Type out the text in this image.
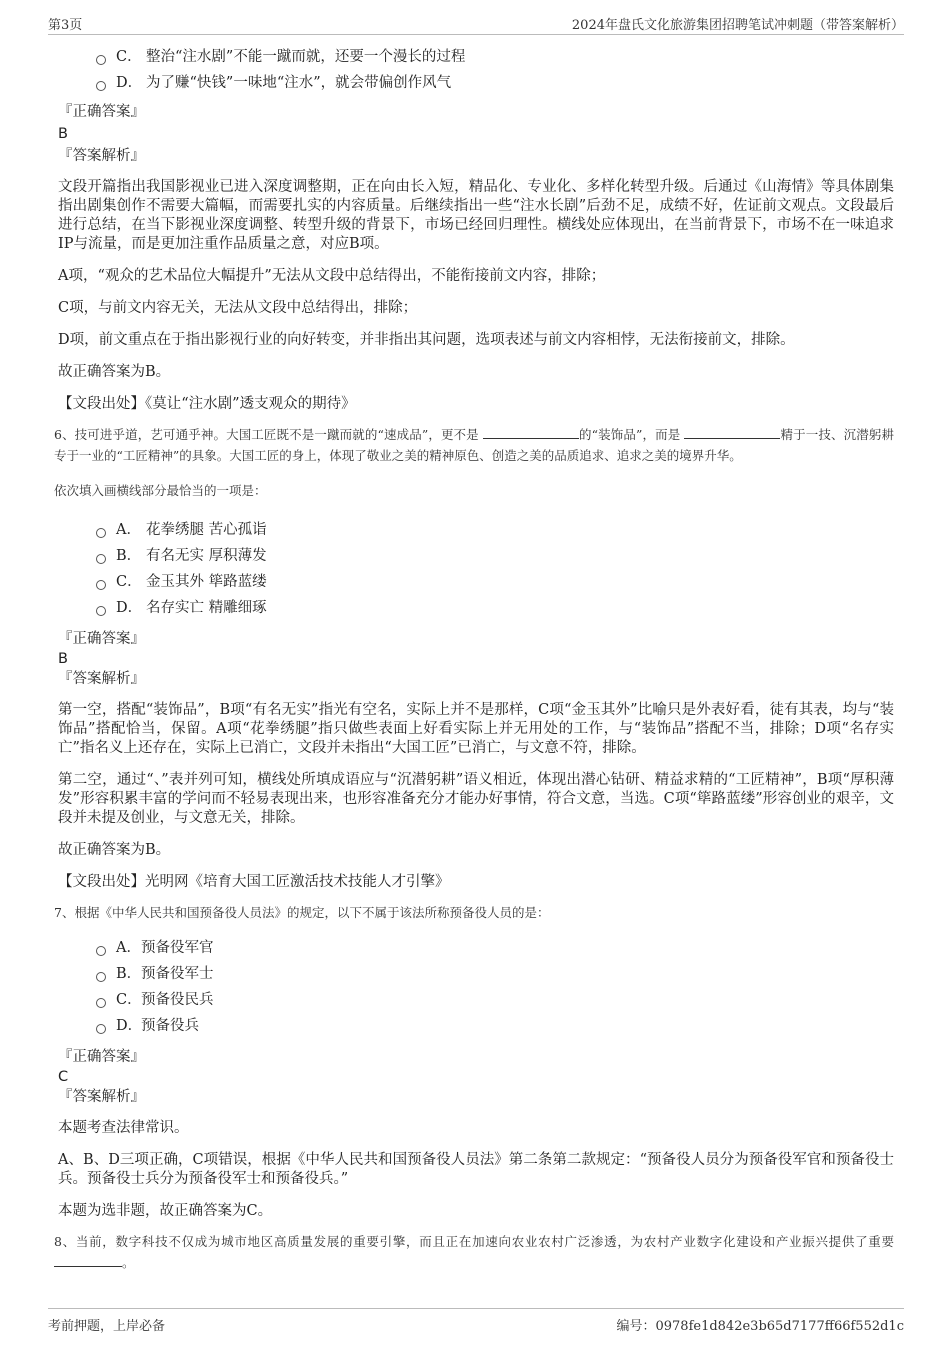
第3页	2024年盘氏文化旅游集团招聘笔试冲刺题（带答案解析）
C． 整治“注水剧”不能一蹴而就，还要一个漫长的过程
D． 为了赚“快钱”一味地“注水”，就会带偏创作风气
『正确答案』
B
『答案解析』
文段开篇指出我国影视业已进入深度调整期，正在向由长入短，精品化、专业化、多样化转型升级。后通过《山海情》等具体剧集指出剧集创作不需要大篇幅，而需要扎实的内容质量。后继续指出一些“注水长剧”后劲不足，成绩不好，佐证前文观点。文段最后进行总结，在当下影视业深度调整、转型升级的背景下，市场已经回归理性。横线处应体现出，在当前背景下，市场不在一味追求IP与流量，而是更加注重作品质量之意，对应B项。
A项，“观众的艺术品位大幅提升”无法从文段中总结得出，不能衔接前文内容，排除；
C项，与前文内容无关，无法从文段中总结得出，排除；
D项，前文重点在于指出影视行业的向好转变，并非指出其问题，选项表述与前文内容相悖，无法衔接前文，排除。
故正确答案为B。
【文段出处】《莫让“注水剧”透支观众的期待》
6、技可进乎道，艺可通乎神。大国工匠既不是一蹴而就的“速成品”，更不是	的“装饰品”，而是	精于一技、沉潜躬耕专于一业的“工匠精神”的具象。大国工匠的身上，体现了敬业之美的精神原色、创造之美的品质追求、追求之美的境界升华。
依次填入画横线部分最恰当的一项是：
A． 花拳绣腿 苦心孤诣
B． 有名无实 厚积薄发
C． 金玉其外 筚路蓝缕
D． 名存实亡 精雕细琢
『正确答案』
B
『答案解析』
第一空，搭配“装饰品”，B项“有名无实”指光有空名，实际上并不是那样，C项“金玉其外”比喻只是外表好看，徒有其表，均与“装饰品”搭配恰当，保留。A项“花拳绣腿”指只做些表面上好看实际上并无用处的工作，与“装饰品”搭配不当，排除；D项“名存实亡”指名义上还存在，实际上已消亡，文段并未指出“大国工匠”已消亡，与文意不符，排除。
第二空，通过“、”表并列可知，横线处所填成语应与“沉潜躬耕”语义相近，体现出潜心钻研、精益求精的“工匠精神”，B项“厚积薄发”形容积累丰富的学问而不轻易表现出来，也形容准备充分才能办好事情，符合文意，当选。C项“筚路蓝缕”形容创业的艰辛，文段并未提及创业，与文意无关，排除。
故正确答案为B。
【文段出处】光明网《培育大国工匠激活技术技能人才引擎》
7、根据《中华人民共和国预备役人员法》的规定，以下不属于该法所称预备役人员的是：
A． 预备役军官
B． 预备役军士
C． 预备役民兵
D．
预备役兵
『正确答案』
C
『答案解析』
本题考查法律常识。
A、B、D三项正确，C项错误，根据《中华人民共和国预备役人员法》第二条第二款规定：“预备役人员分为预备役军官和预备役士兵。预备役士兵分为预备役军士和预备役兵。”
本题为选非题，故正确答案为C。
8、当前，数字科技不仅成为城市地区高质量发展的重要引擎，而且正在加速向农业农村广泛渗透，为农村产业数字化建设和产业振兴提供了重要 。
考前押题，上岸必备	编号：0978fe1d842e3b65d7177ff66f552d1c
